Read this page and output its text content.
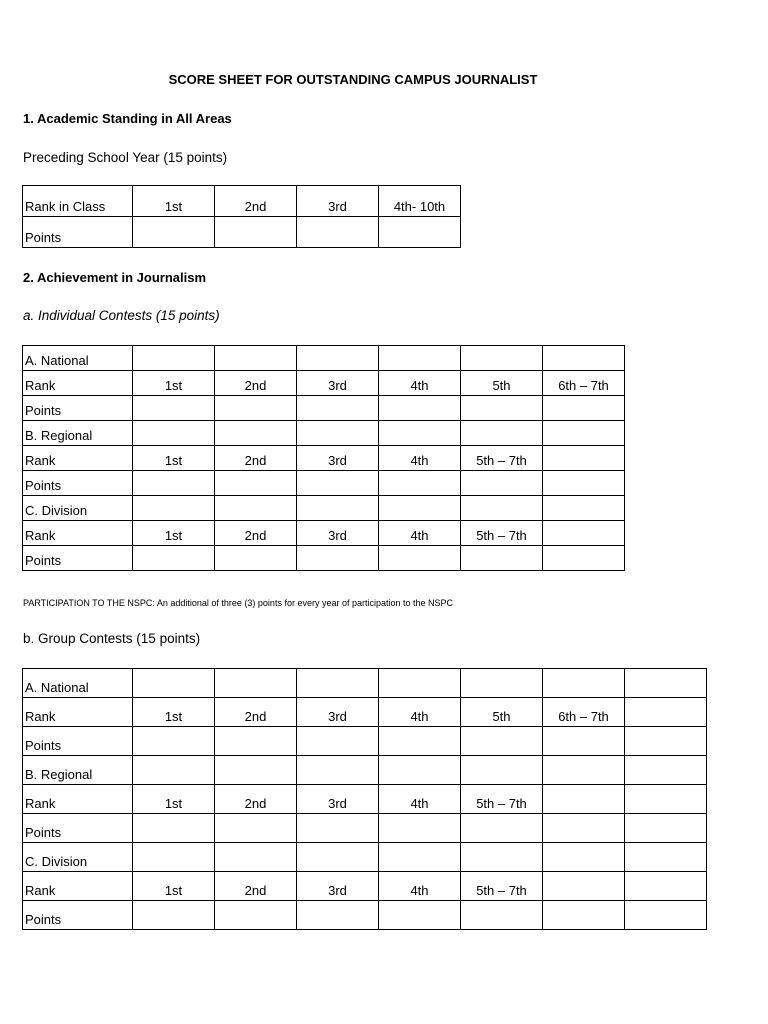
SCORE SHEET FOR OUTSTANDING CAMPUS JOURNALIST
1. Academic Standing in All Areas
Preceding School Year (15 points)
Rank in Class	1st	2nd	3rd	4th- 10th
Points				
2. Achievement in Journalism
a. Individual Contests (15 points)
A. National						
Rank	1st	2nd	3rd	4th	5th	6th – 7th
Points						
B. Regional						
Rank	1st	2nd	3rd	4th	5th – 7th	
Points						
C. Division						
Rank	1st	2nd	3rd	4th	5th – 7th	
Points						
PARTICIPATION TO THE NSPC: An additional of three (3) points for every year of participation to the NSPC
b. Group Contests (15 points)
A. National							
Rank	1st	2nd	3rd	4th	5th	6th – 7th	
Points							
B. Regional							
Rank	1st	2nd	3rd	4th	5th – 7th		
Points							
C. Division							
Rank	1st	2nd	3rd	4th	5th – 7th		
Points							
